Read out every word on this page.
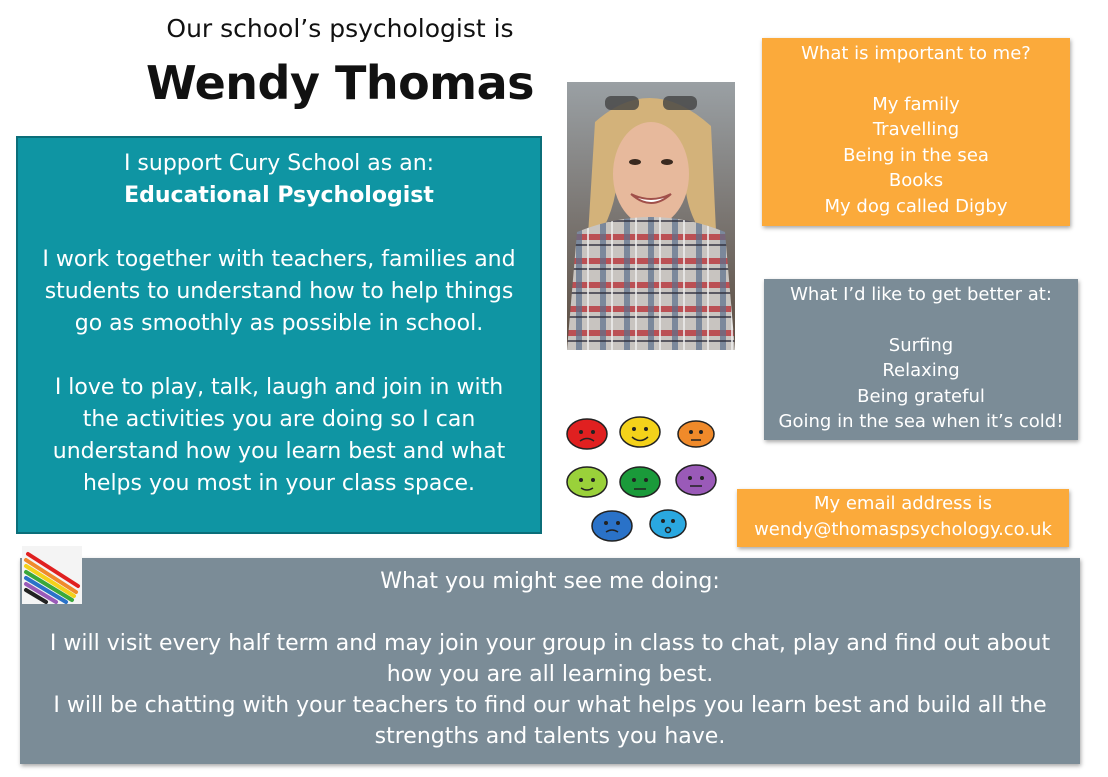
Our school’s psychologist is
Wendy Thomas
I support Cury School as an:
Educational Psychologist
I work together with teachers, families and
students to understand how to help things
go as smoothly as possible in school.
I love to play, talk, laugh and join in with
the activities you are doing so I can
understand how you learn best and what
helps you most in your class space.
What is important to me?
My family
Travelling
Being in the sea
Books
My dog called Digby
What I’d like to get better at:
Surfing
Relaxing
Being grateful
Going in the sea when it’s cold!
My email address is
wendy@thomaspsychology.co.uk
What you might see me doing:
I will visit every half term and may join your group in class to chat, play and find out about
how you are all learning best.
I will be chatting with your teachers to find our what helps you learn best and build all the
strengths and talents you have.
